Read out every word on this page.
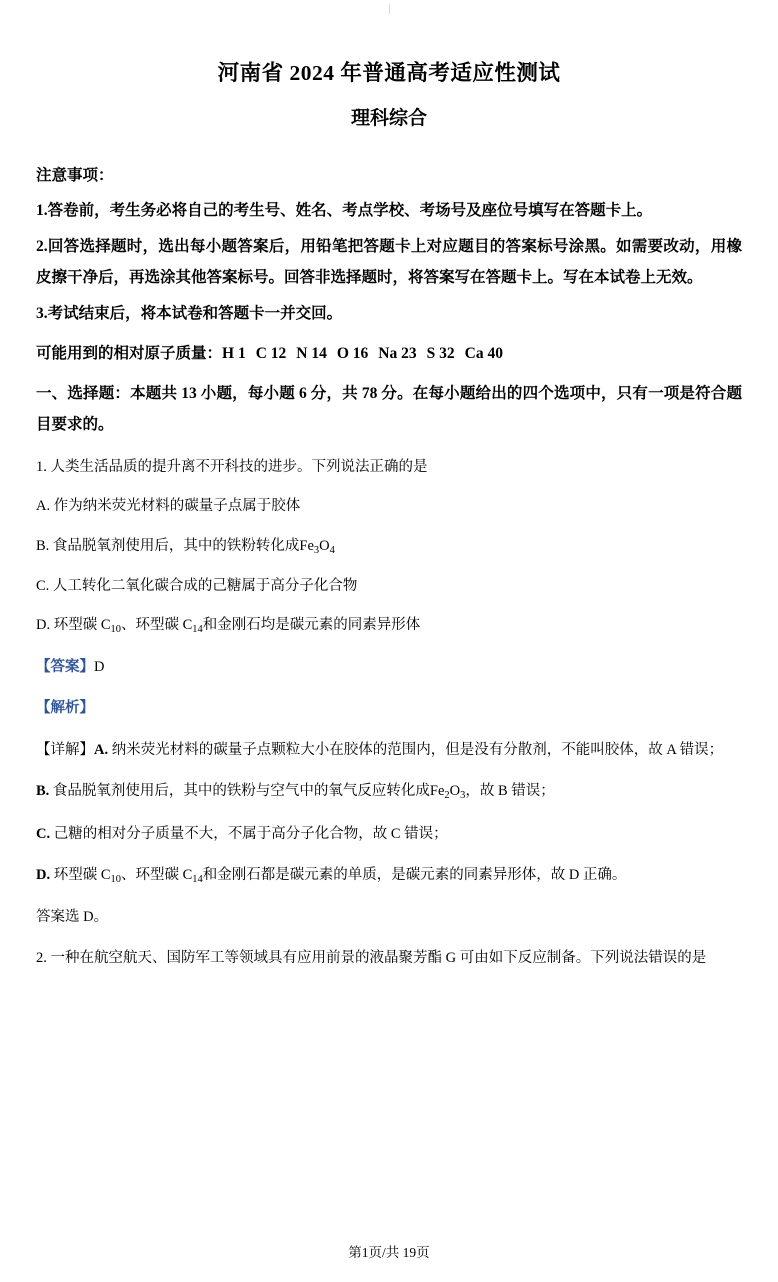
河南省 2024 年普通高考适应性测试
理科综合
注意事项：
1.答卷前，考生务必将自己的考生号、姓名、考点学校、考场号及座位号填写在答题卡上。
2.回答选择题时，选出每小题答案后，用铅笔把答题卡上对应题目的答案标号涂黑。如需要改动，用橡皮擦干净后，再选涂其他答案标号。回答非选择题时，将答案写在答题卡上。写在本试卷上无效。
3.考试结束后，将本试卷和答题卡一并交回。
可能用到的相对原子质量：H 1 C 12 N 14 O 16 Na 23 S 32 Ca 40
一、选择题：本题共 13 小题，每小题 6 分，共 78 分。在每小题给出的四个选项中，只有一项是符合题目要求的。
1. 人类生活品质的提升离不开科技的进步。下列说法正确的是
A. 作为纳米荧光材料的碳量子点属于胶体
B. 食品脱氧剂使用后，其中的铁粉转化成$Fe_3O_4$
C. 人工转化二氧化碳合成的己糖属于高分子化合物
D. 环型碳 $C_{10}$、环型碳 $C_{14}$和金刚石均是碳元素的同素异形体
【答案】D
【解析】
【详解】A. 纳米荧光材料的碳量子点颗粒大小在胶体的范围内，但是没有分散剂，不能叫胶体，故 A 错误；
B. 食品脱氧剂使用后，其中的铁粉与空气中的氧气反应转化成$Fe_2O_3$，故 B 错误；
C. 己糖的相对分子质量不大，不属于高分子化合物，故 C 错误；
D. 环型碳 $C_{10}$、环型碳 $C_{14}$和金刚石都是碳元素的单质，是碳元素的同素异形体，故 D 正确。
答案选 D。
2. 一种在航空航天、国防军工等领域具有应用前景的液晶聚芳酯 G 可由如下反应制备。下列说法错误的是
第1页/共 19页
